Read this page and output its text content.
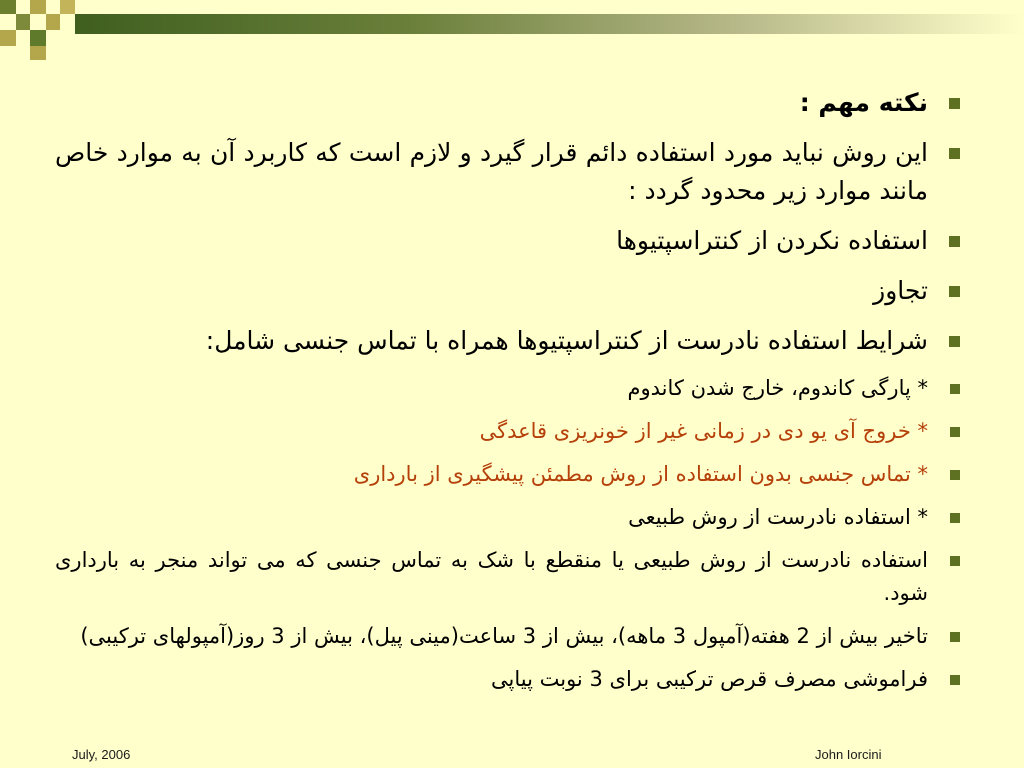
نکته مهم :

این روش نباید مورد استفاده دائم قرار گیرد و لازم است که کاربرد آن به موارد خاص مانند موارد زیر محدود گردد :

استفاده نکردن از کنتراسپتیوها

تجاوز

شرایط استفاده نادرست از کنتراسپتیوها همراه با تماس جنسی شامل:

* پارگی کاندوم، خارج شدن کاندوم

* خروج آی یو دی در زمانی غیر از خونریزی قاعدگی

* تماس جنسی بدون استفاده از روش مطمئن پیشگیری از بارداری

* استفاده نادرست از روش طبیعی

استفاده نادرست از روش طبیعی یا منقطع با شک به تماس جنسی که می تواند منجر به بارداری شود.

تاخیر بیش از 2 هفته(آمپول 3 ماهه)، بیش از 3 ساعت(مینی پیل)، بیش از 3 روز(آمپولهای ترکیبی)

فراموشی مصرف قرص ترکیبی برای 3 نوبت پیاپی

July, 2006	John Iorcini
